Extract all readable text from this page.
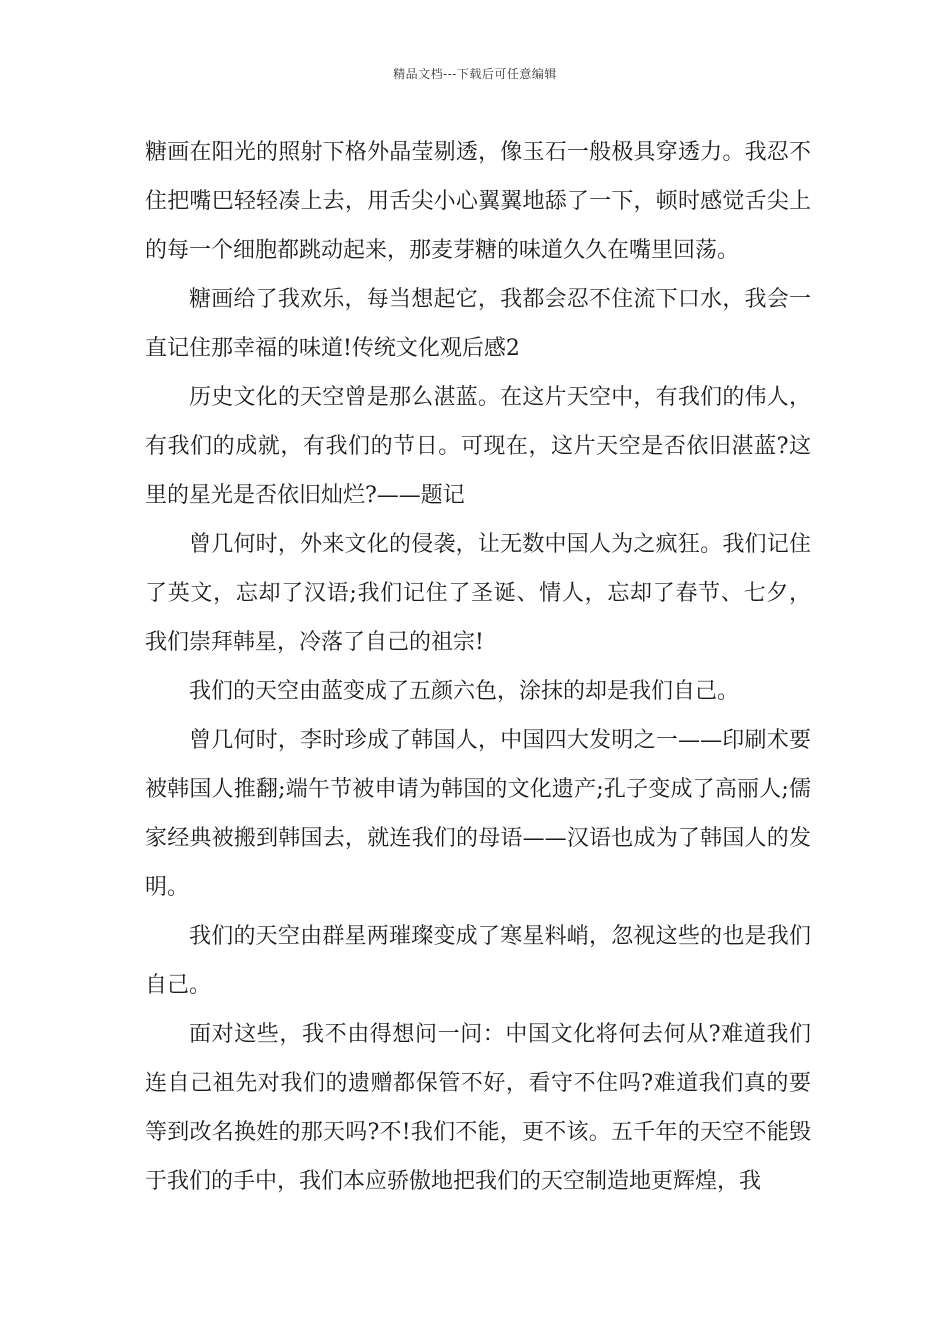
精品文档---下载后可任意编辑

糖画在阳光的照射下格外晶莹剔透，像玉石一般极具穿透力。我忍不住把嘴巴轻轻凑上去，用舌尖小心翼翼地舔了一下，顿时感觉舌尖上的每一个细胞都跳动起来，那麦芽糖的味道久久在嘴里回荡。

糖画给了我欢乐，每当想起它，我都会忍不住流下口水，我会一直记住那幸福的味道!传统文化观后感2

历史文化的天空曾是那么湛蓝。在这片天空中，有我们的伟人，有我们的成就，有我们的节日。可现在，这片天空是否依旧湛蓝?这里的星光是否依旧灿烂?——题记

曾几何时，外来文化的侵袭，让无数中国人为之疯狂。我们记住了英文，忘却了汉语;我们记住了圣诞、情人，忘却了春节、七夕，我们崇拜韩星，冷落了自己的祖宗!

我们的天空由蓝变成了五颜六色，涂抹的却是我们自己。

曾几何时，李时珍成了韩国人，中国四大发明之一——印刷术要被韩国人推翻;端午节被申请为韩国的文化遗产;孔子变成了高丽人;儒家经典被搬到韩国去，就连我们的母语——汉语也成为了韩国人的发明。

我们的天空由群星两璀璨变成了寒星料峭，忽视这些的也是我们自己。

面对这些，我不由得想问一问：中国文化将何去何从?难道我们连自己祖先对我们的遗赠都保管不好，看守不住吗?难道我们真的要等到改名换姓的那天吗?不!我们不能，更不该。五千年的天空不能毁于我们的手中，我们本应骄傲地把我们的天空制造地更辉煌，我
